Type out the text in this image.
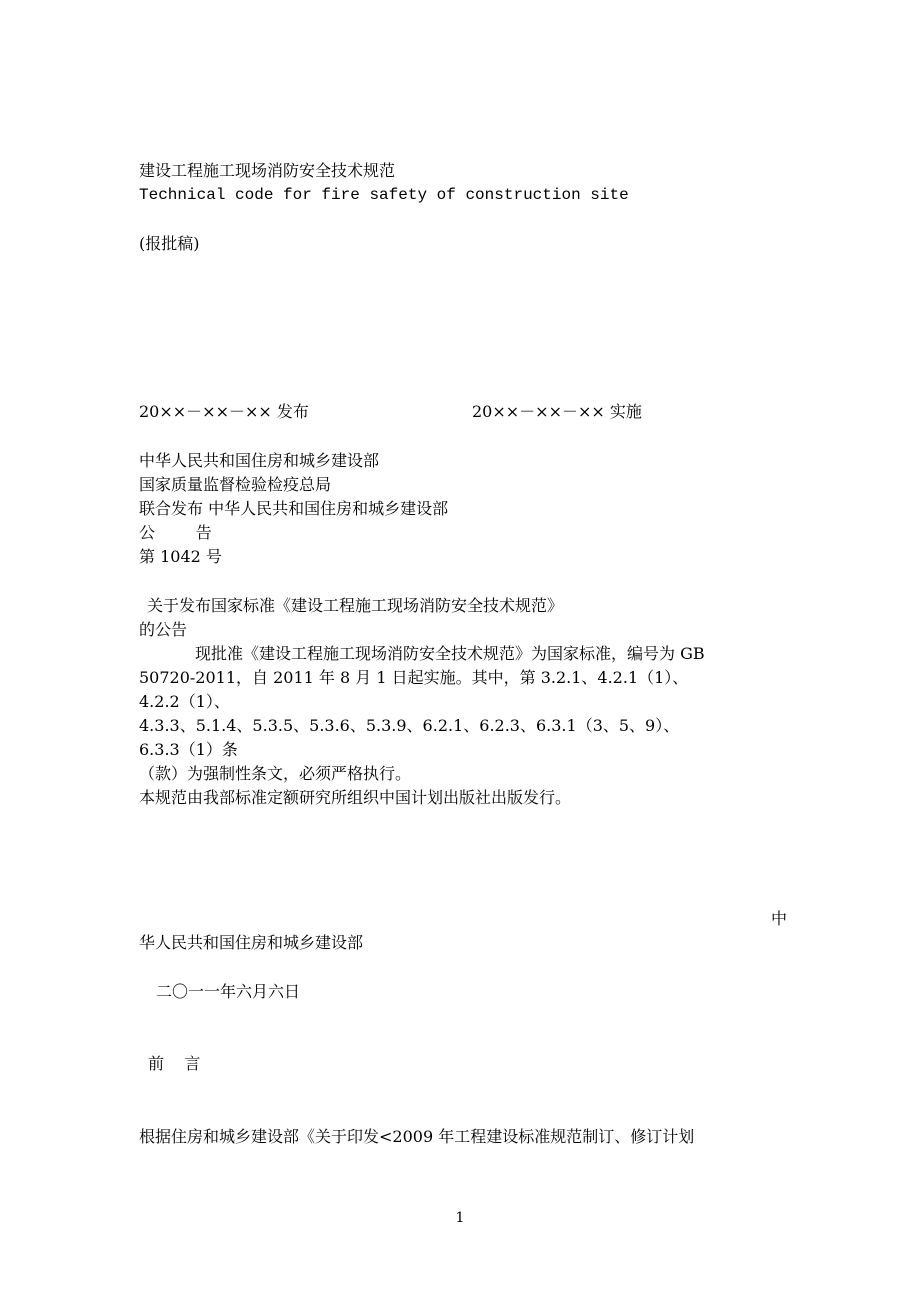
建设工程施工现场消防安全技术规范
Technical code for fire safety of construction site
(报批稿)
20××－××－×× 发布	20××－××－×× 实施
中华人民共和国住房和城乡建设部
国家质量监督检验检疫总局
联合发布 中华人民共和国住房和城乡建设部
公        告
第 1042 号
关于发布国家标准《建设工程施工现场消防安全技术规范》
的公告
现批准《建设工程施工现场消防安全技术规范》为国家标准，编号为 GB
50720-2011，自 2011 年 8 月 1 日起实施。其中，第 3.2.1、4.2.1（1）、
4.2.2（1）、
4.3.3、5.1.4、5.3.5、5.3.6、5.3.9、6.2.1、6.2.3、6.3.1（3、5、9）、
6.3.3（1）条
（款）为强制性条文，必须严格执行。
本规范由我部标准定额研究所组织中国计划出版社出版发行。
中
华人民共和国住房和城乡建设部
二〇一一年六月六日
前    言
根据住房和城乡建设部《关于印发<2009 年工程建设标准规范制订、修订计划
1
